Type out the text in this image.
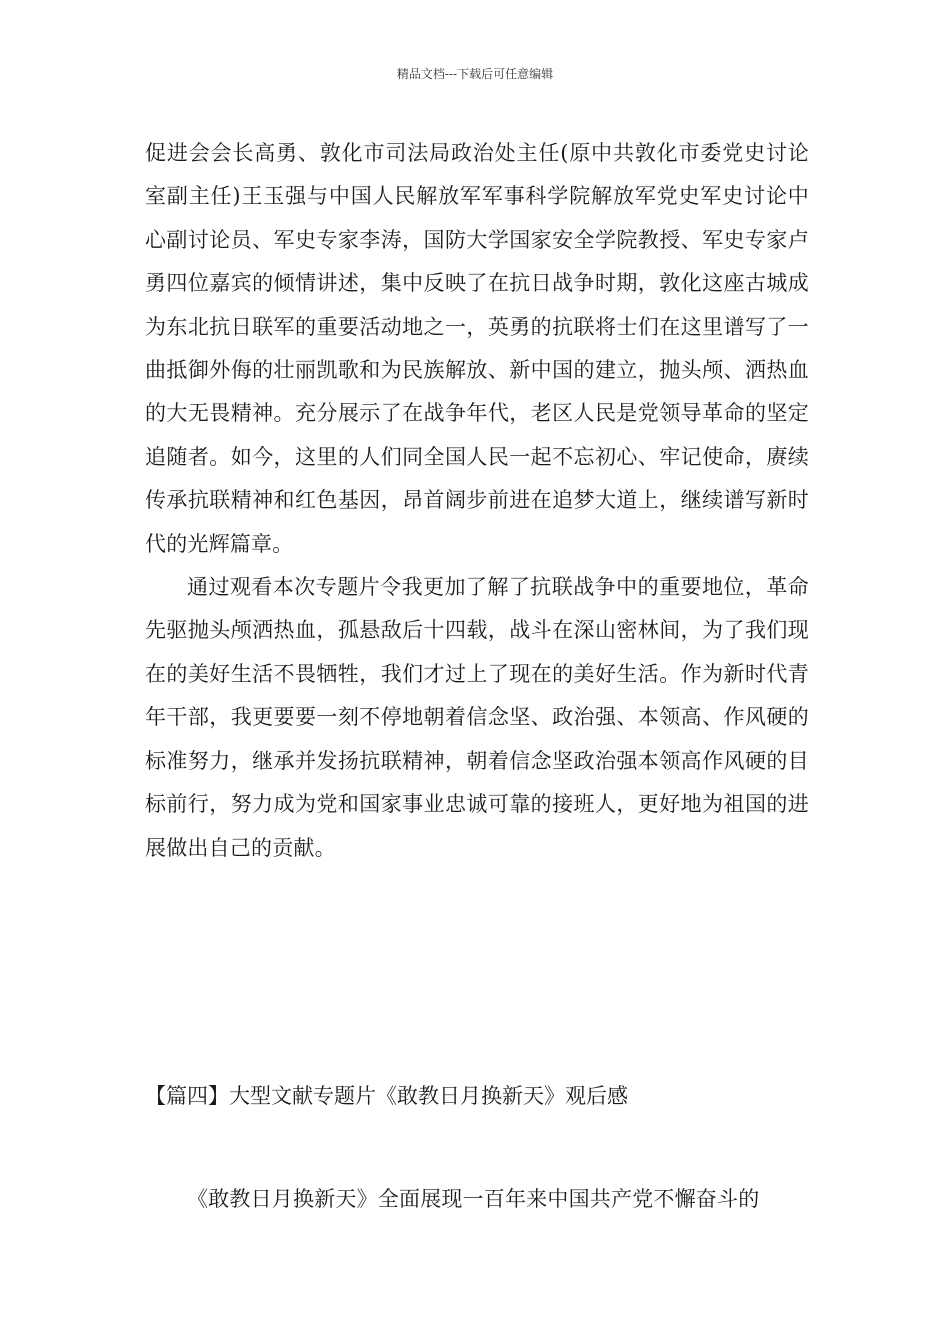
精品文档---下载后可任意编辑

促进会会长高勇、敦化市司法局政治处主任(原中共敦化市委党史讨论室副主任)王玉强与中国人民解放军军事科学院解放军党史军史讨论中心副讨论员、军史专家李涛，国防大学国家安全学院教授、军史专家卢勇四位嘉宾的倾情讲述，集中反映了在抗日战争时期，敦化这座古城成为东北抗日联军的重要活动地之一，英勇的抗联将士们在这里谱写了一曲抵御外侮的壮丽凯歌和为民族解放、新中国的建立，抛头颅、洒热血的大无畏精神。充分展示了在战争年代，老区人民是党领导革命的坚定追随者。如今，这里的人们同全国人民一起不忘初心、牢记使命，赓续传承抗联精神和红色基因，昂首阔步前进在追梦大道上，继续谱写新时代的光辉篇章。

通过观看本次专题片令我更加了解了抗联战争中的重要地位，革命先驱抛头颅洒热血，孤悬敌后十四载，战斗在深山密林间，为了我们现在的美好生活不畏牺牲，我们才过上了现在的美好生活。作为新时代青年干部，我更要要一刻不停地朝着信念坚、政治强、本领高、作风硬的标准努力，继承并发扬抗联精神，朝着信念坚政治强本领高作风硬的目标前行，努力成为党和国家事业忠诚可靠的接班人，更好地为祖国的进展做出自己的贡献。

【篇四】大型文献专题片《敢教日月换新天》观后感

《敢教日月换新天》全面展现一百年来中国共产党不懈奋斗的
